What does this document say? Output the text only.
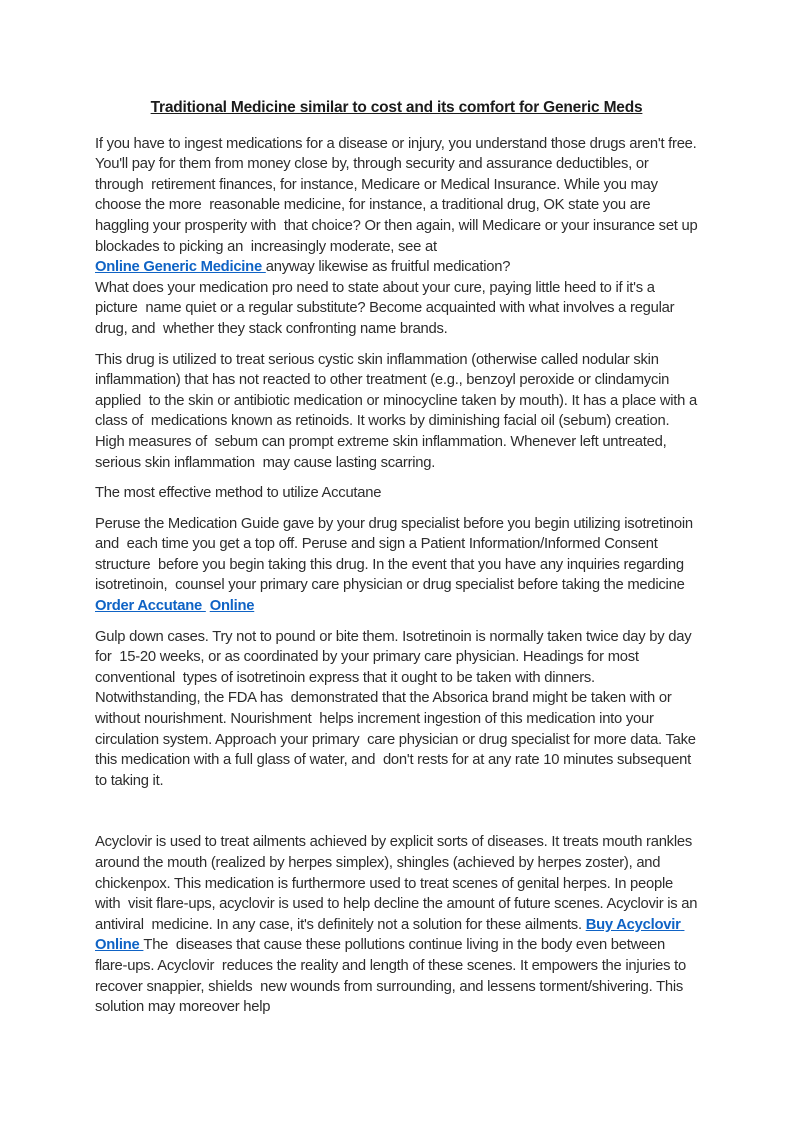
Traditional Medicine similar to cost and its comfort for Generic Meds

If you have to ingest medications for a disease or injury, you understand those drugs aren't free.  You'll pay for them from money close by, through security and assurance deductibles, or through  retirement finances, for instance, Medicare or Medical Insurance. While you may choose the more  reasonable medicine, for instance, a traditional drug, OK state you are haggling your prosperity with  that choice? Or then again, will Medicare or your insurance set up blockades to picking an  increasingly moderate, see at
Online Generic Medicine anyway likewise as fruitful medication?
What does your medication pro need to state about your cure, paying little heed to if it's a picture  name quiet or a regular substitute? Become acquainted with what involves a regular drug, and  whether they stack confronting name brands.

This drug is utilized to treat serious cystic skin inflammation (otherwise called nodular skin inflammation) that has not reacted to other treatment (e.g., benzoyl peroxide or clindamycin applied  to the skin or antibiotic medication or minocycline taken by mouth). It has a place with a class of  medications known as retinoids. It works by diminishing facial oil (sebum) creation. High measures of  sebum can prompt extreme skin inflammation. Whenever left untreated, serious skin inflammation  may cause lasting scarring.

The most effective method to utilize Accutane

Peruse the Medication Guide gave by your drug specialist before you begin utilizing isotretinoin and  each time you get a top off. Peruse and sign a Patient Information/Informed Consent structure  before you begin taking this drug. In the event that you have any inquiries regarding isotretinoin,  counsel your primary care physician or drug specialist before taking the medicine Order Accutane  Online

Gulp down cases. Try not to pound or bite them. Isotretinoin is normally taken twice day by day for  15-20 weeks, or as coordinated by your primary care physician. Headings for most conventional  types of isotretinoin express that it ought to be taken with dinners. Notwithstanding, the FDA has  demonstrated that the Absorica brand might be taken with or without nourishment. Nourishment  helps increment ingestion of this medication into your circulation system. Approach your primary  care physician or drug specialist for more data. Take this medication with a full glass of water, and  don't rests for at any rate 10 minutes subsequent to taking it.

Acyclovir is used to treat ailments achieved by explicit sorts of diseases. It treats mouth rankles  around the mouth (realized by herpes simplex), shingles (achieved by herpes zoster), and  chickenpox. This medication is furthermore used to treat scenes of genital herpes. In people with  visit flare-ups, acyclovir is used to help decline the amount of future scenes. Acyclovir is an antiviral  medicine. In any case, it's definitely not a solution for these ailments. Buy Acyclovir Online The  diseases that cause these pollutions continue living in the body even between flare-ups. Acyclovir  reduces the reality and length of these scenes. It empowers the injuries to recover snappier, shields  new wounds from surrounding, and lessens torment/shivering. This solution may moreover help
